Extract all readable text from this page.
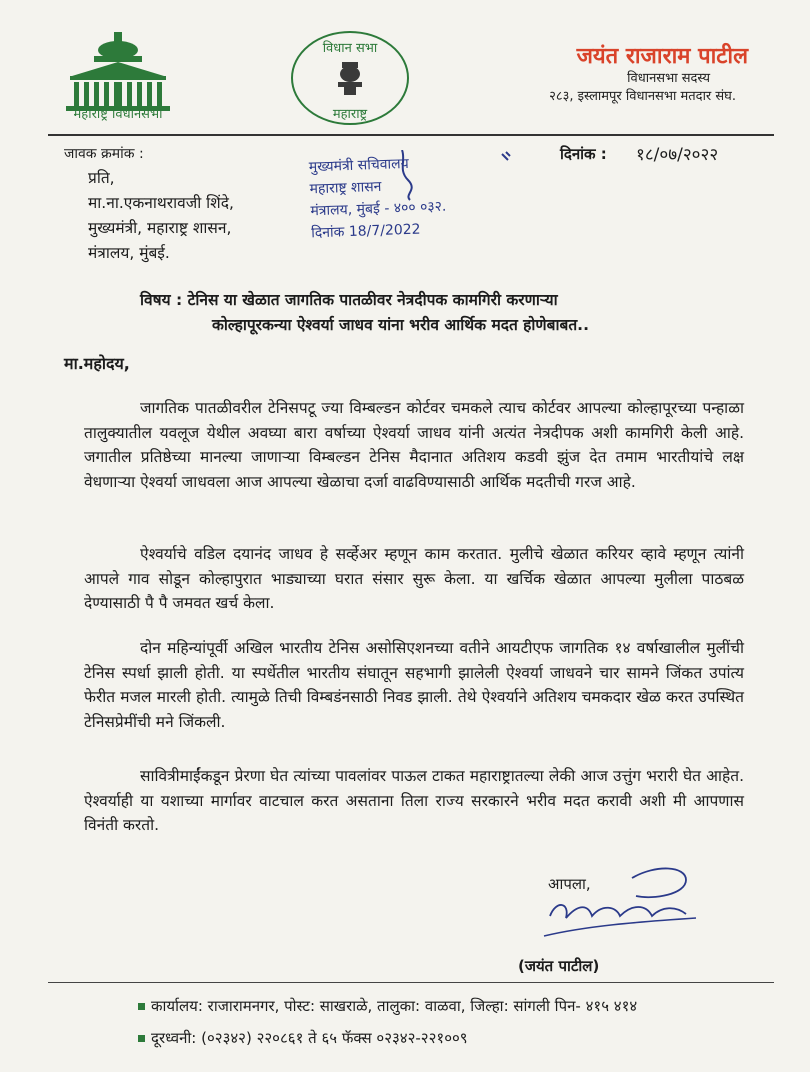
महाराष्ट्र विधानसभा
विधान सभा
महाराष्ट्र
जयंत राजाराम पाटील
विधानसभा सदस्य
२८३, इस्लामपूर विधानसभा मतदार संघ.
जावक क्रमांक :	दिनांक : १८/०७/२०२२
प्रति,
मा.ना.एकनाथरावजी शिंदे,
मुख्यमंत्री, महाराष्ट्र शासन,
मंत्रालय, मुंबई.
मुख्यमंत्री सचिवालय
महाराष्ट्र शासन
मंत्रालय, मुंबई - ४०० ०३२.
दिनांक 18/7/2022
विषय : टेनिस या खेळात जागतिक पातळीवर नेत्रदीपक कामगिरी करणाऱ्या
कोल्हापूरकन्या ऐश्वर्या जाधव यांना भरीव आर्थिक मदत होणेबाबत..
मा.महोदय,
जागतिक पातळीवरील टेनिसपटू ज्या विम्बल्डन कोर्टवर चमकले त्याच कोर्टवर आपल्या कोल्हापूरच्या पन्हाळा तालुक्यातील यवलूज येथील अवघ्या बारा वर्षाच्या ऐश्वर्या जाधव यांनी अत्यंत नेत्रदीपक अशी कामगिरी केली आहे. जगातील प्रतिष्ठेच्या मानल्या जाणाऱ्या विम्बल्डन टेनिस मैदानात अतिशय कडवी झुंज देत तमाम भारतीयांचे लक्ष वेधणाऱ्या ऐश्वर्या जाधवला आज आपल्या खेळाचा दर्जा वाढविण्यासाठी आर्थिक मदतीची गरज आहे.
ऐश्वर्याचे वडिल दयानंद जाधव हे सर्व्हेअर म्हणून काम करतात. मुलीचे खेळात करियर व्हावे म्हणून त्यांनी आपले गाव सोडून कोल्हापुरात भाड्याच्या घरात संसार सुरू केला. या खर्चिक खेळात आपल्या मुलीला पाठबळ देण्यासाठी पै पै जमवत खर्च केला.
दोन महिन्यांपूर्वी अखिल भारतीय टेनिस असोसिएशनच्या वतीने आयटीएफ जागतिक १४ वर्षाखालील मुलींची टेनिस स्पर्धा झाली होती. या स्पर्धेतील भारतीय संघातून सहभागी झालेली ऐश्वर्या जाधवने चार सामने जिंकत उपांत्य फेरीत मजल मारली होती. त्यामुळे तिची विम्बडंनसाठी निवड झाली. तेथे ऐश्वर्याने अतिशय चमकदार खेळ करत उपस्थित टेनिसप्रेमींची मने जिंकली.
सावित्रीमाईंकडून प्रेरणा घेत त्यांच्या पावलांवर पाऊल टाकत महाराष्ट्रातल्या लेकी आज उत्तुंग भरारी घेत आहेत. ऐश्वर्याही या यशाच्या मार्गावर वाटचाल करत असताना तिला राज्य सरकारने भरीव मदत करावी अशी मी आपणास विनंती करतो.
आपला,
(जयंत पाटील)
कार्यालय: राजारामनगर, पोस्ट: साखराळे, तालुका: वाळवा, जिल्हा: सांगली पिन- ४१५ ४१४
दूरध्वनी: (०२३४२) २२०८६१ ते ६५ फॅक्स ०२३४२-२२१००९
